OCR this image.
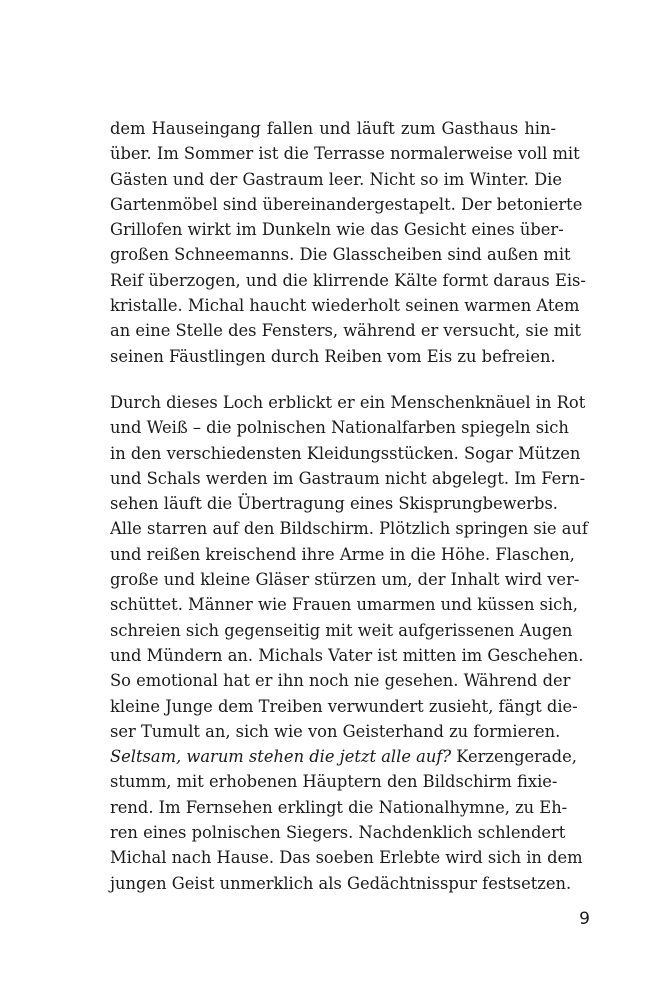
dem Hauseingang fallen und läuft zum Gasthaus hin-
über. Im Sommer ist die Terrasse normalerweise voll mit
Gästen und der Gastraum leer. Nicht so im Winter. Die
Gartenmöbel sind übereinandergestapelt. Der betonierte
Grillofen wirkt im Dunkeln wie das Gesicht eines über-
großen Schneemanns. Die Glasscheiben sind außen mit
Reif überzogen, und die klirrende Kälte formt daraus Eis-
kristalle. Michal haucht wiederholt seinen warmen Atem
an eine Stelle des Fensters, während er versucht, sie mit
seinen Fäustlingen durch Reiben vom Eis zu befreien.
Durch dieses Loch erblickt er ein Menschenknäuel in Rot
und Weiß – die polnischen Nationalfarben spiegeln sich
in den verschiedensten Kleidungsstücken. Sogar Mützen
und Schals werden im Gastraum nicht abgelegt. Im Fern-
sehen läuft die Übertragung eines Skisprungbewerbs.
Alle starren auf den Bildschirm. Plötzlich springen sie auf
und reißen kreischend ihre Arme in die Höhe. Flaschen,
große und kleine Gläser stürzen um, der Inhalt wird ver-
schüttet. Männer wie Frauen umarmen und küssen sich,
schreien sich gegenseitig mit weit aufgerissenen Augen
und Mündern an. Michals Vater ist mitten im Geschehen.
So emotional hat er ihn noch nie gesehen. Während der
kleine Junge dem Treiben verwundert zusieht, fängt die-
ser Tumult an, sich wie von Geisterhand zu formieren.
Seltsam, warum stehen die jetzt alle auf? Kerzengerade,
stumm, mit erhobenen Häuptern den Bildschirm fixie-
rend. Im Fernsehen erklingt die Nationalhymne, zu Eh-
ren eines polnischen Siegers. Nachdenklich schlendert
Michal nach Hause. Das soeben Erlebte wird sich in dem
jungen Geist unmerklich als Gedächtnisspur festsetzen.
9
